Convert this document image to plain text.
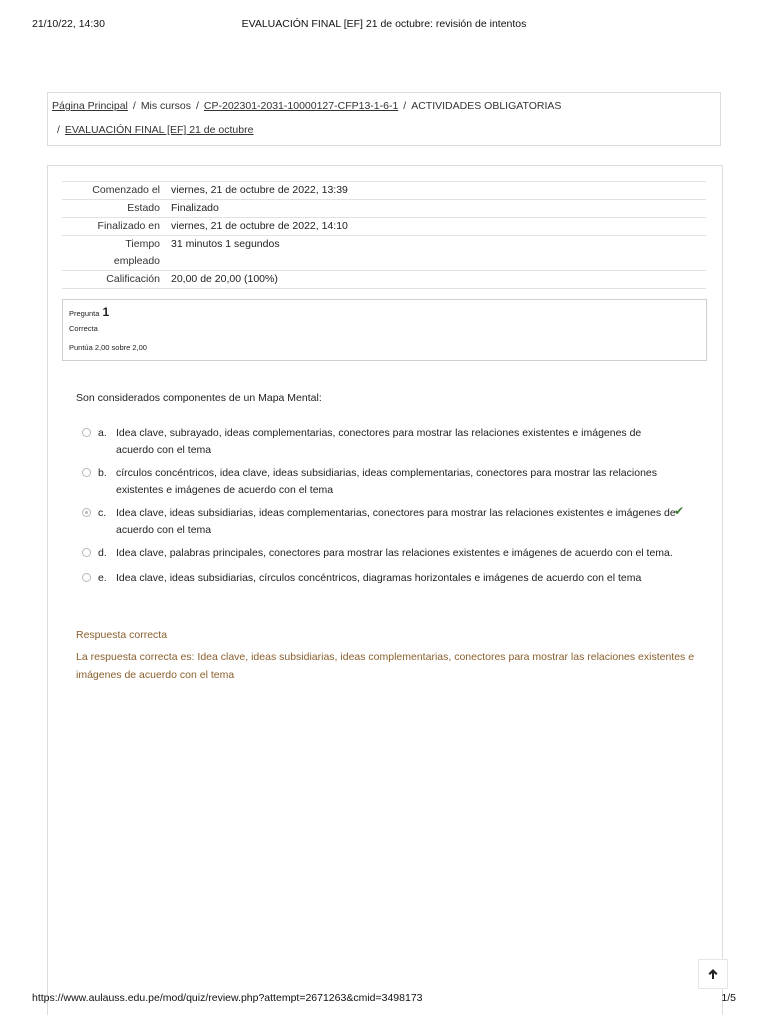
21/10/22, 14:30	EVALUACIÓN FINAL [EF] 21 de octubre: revisión de intentos
Página Principal / Mis cursos / CP-202301-2031-10000127-CFP13-1-6-1 / ACTIVIDADES OBLIGATORIAS
/ EVALUACIÓN FINAL [EF] 21 de octubre
Comenzado el viernes, 21 de octubre de 2022, 13:39
Estado Finalizado
Finalizado en viernes, 21 de octubre de 2022, 14:10
Tiempo
empleado
31 minutos 1 segundos
Calificación 20,00 de 20,00 (100%)
Pregunta 1
Correcta
Puntúa 2,00 sobre 2,00
Son considerados componentes de un Mapa Mental:
a. Idea clave, subrayado, ideas complementarias, conectores para mostrar las relaciones existentes e imágenes de acuerdo con el tema
b. círculos concéntricos, idea clave, ideas subsidiarias, ideas complementarias, conectores para mostrar las relaciones existentes e imágenes de acuerdo con el tema
c. Idea clave, ideas subsidiarias, ideas complementarias, conectores para mostrar las relaciones existentes e imágenes de acuerdo con el tema
✔
d. Idea clave, palabras principales, conectores para mostrar las relaciones existentes e imágenes de acuerdo con el tema.
e. Idea clave, ideas subsidiarias, círculos concéntricos, diagramas horizontales e imágenes de acuerdo con el tema
Respuesta correcta
La respuesta correcta es: Idea clave, ideas subsidiarias, ideas complementarias, conectores para mostrar las relaciones existentes e imágenes de acuerdo con el tema
https://www.aulauss.edu.pe/mod/quiz/review.php?attempt=2671263&cmid=3498173	1/5
